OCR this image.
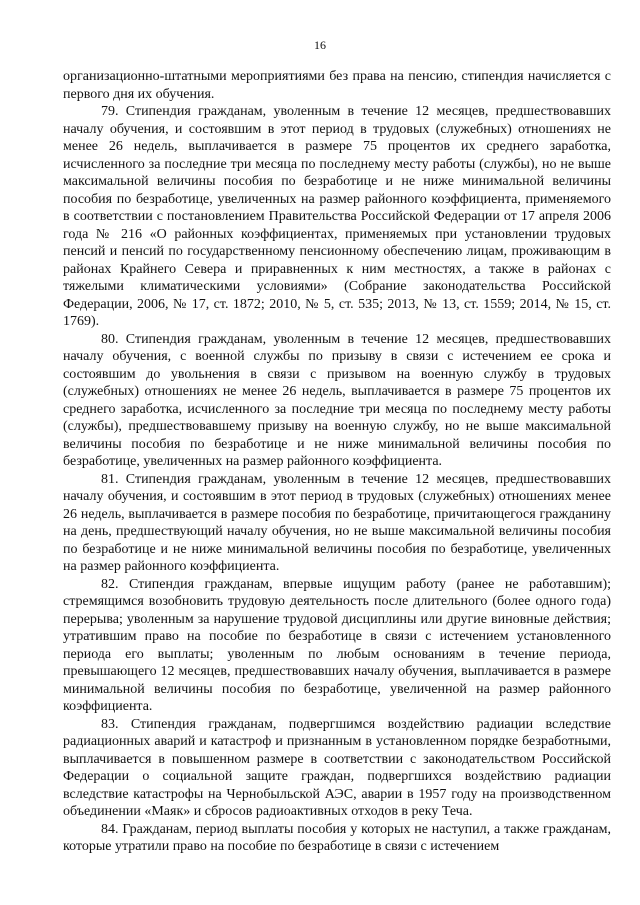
16

организационно-штатными мероприятиями без права на пенсию, стипендия начисляется с первого дня их обучения.

79. Стипендия гражданам, уволенным в течение 12 месяцев, предшествовавших началу обучения, и состоявшим в этот период в трудовых (служебных) отношениях не менее 26 недель, выплачивается в размере 75 процентов их среднего заработка, исчисленного за последние три месяца по последнему месту работы (службы), но не выше максимальной величины пособия по безработице и не ниже минимальной величины пособия по безработице, увеличенных на размер районного коэффициента, применяемого в соответствии с постановлением Правительства Российской Федерации от 17 апреля 2006 года № 216 «О районных коэффициентах, применяемых при установлении трудовых пенсий и пенсий по государственному пенсионному обеспечению лицам, проживающим в районах Крайнего Севера и приравненных к ним местностях, а также в районах с тяжелыми климатическими условиями» (Собрание законодательства Российской Федерации, 2006, № 17, ст. 1872; 2010, № 5, ст. 535; 2013, № 13, ст. 1559; 2014, № 15, ст. 1769).

80. Стипендия гражданам, уволенным в течение 12 месяцев, предшествовавших началу обучения, с военной службы по призыву в связи с истечением ее срока и состоявшим до увольнения в связи с призывом на военную службу в трудовых (служебных) отношениях не менее 26 недель, выплачивается в размере 75 процентов их среднего заработка, исчисленного за последние три месяца по последнему месту работы (службы), предшествовавшему призыву на военную службу, но не выше максимальной величины пособия по безработице и не ниже минимальной величины пособия по безработице, увеличенных на размер районного коэффициента.

81. Стипендия гражданам, уволенным в течение 12 месяцев, предшествовавших началу обучения, и состоявшим в этот период в трудовых (служебных) отношениях менее 26 недель, выплачивается в размере пособия по безработице, причитающегося гражданину на день, предшествующий началу обучения, но не выше максимальной величины пособия по безработице и не ниже минимальной величины пособия по безработице, увеличенных на размер районного коэффициента.

82. Стипендия гражданам, впервые ищущим работу (ранее не работавшим); стремящимся возобновить трудовую деятельность после длительного (более одного года) перерыва; уволенным за нарушение трудовой дисциплины или другие виновные действия; утратившим право на пособие по безработице в связи с истечением установленного периода его выплаты; уволенным по любым основаниям в течение периода, превышающего 12 месяцев, предшествовавших началу обучения, выплачивается в размере минимальной величины пособия по безработице, увеличенной на размер районного коэффициента.

83. Стипендия гражданам, подвергшимся воздействию радиации вследствие радиационных аварий и катастроф и признанным в установленном порядке безработными, выплачивается в повышенном размере в соответствии с законодательством Российской Федерации о социальной защите граждан, подвергшихся воздействию радиации вследствие катастрофы на Чернобыльской АЭС, аварии в 1957 году на производственном объединении «Маяк» и сбросов радиоактивных отходов в реку Теча.

84. Гражданам, период выплаты пособия у которых не наступил, а также гражданам, которые утратили право на пособие по безработице в связи с истечением
